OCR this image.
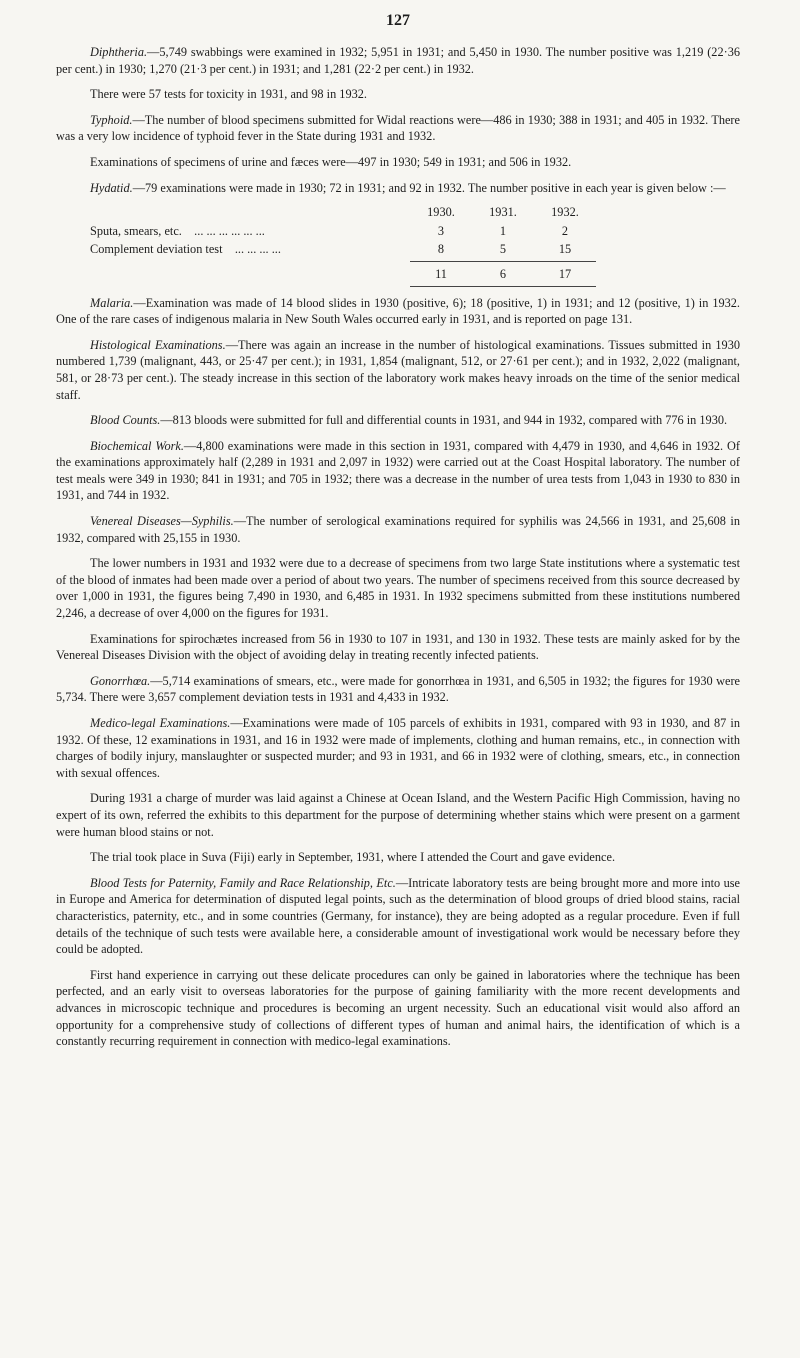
127

Diphtheria.—5,749 swabbings were examined in 1932; 5,951 in 1931; and 5,450 in 1930. The number positive was 1,219 (22·36 per cent.) in 1930; 1,270 (21·3 per cent.) in 1931; and 1,281 (22·2 per cent.) in 1932.

There were 57 tests for toxicity in 1931, and 98 in 1932.

Typhoid.—The number of blood specimens submitted for Widal reactions were—486 in 1930; 388 in 1931; and 405 in 1932. There was a very low incidence of typhoid fever in the State during 1931 and 1932.

Examinations of specimens of urine and fæces were—497 in 1930; 549 in 1931; and 506 in 1932.

Hydatid.—79 examinations were made in 1930; 72 in 1931; and 92 in 1932. The number positive in each year is given below :—

	1930.	1931.	1932.
Sputa, smears, etc. ... ... ... ... ... ...	3	1	2
Complement deviation test ... ... ... ...	8	5	15

	11	6	17

Malaria.—Examination was made of 14 blood slides in 1930 (positive, 6); 18 (positive, 1) in 1931; and 12 (positive, 1) in 1932. One of the rare cases of indigenous malaria in New South Wales occurred early in 1931, and is reported on page 131.

Histological Examinations.—There was again an increase in the number of histological examinations. Tissues submitted in 1930 numbered 1,739 (malignant, 443, or 25·47 per cent.); in 1931, 1,854 (malignant, 512, or 27·61 per cent.); and in 1932, 2,022 (malignant, 581, or 28·73 per cent.). The steady increase in this section of the laboratory work makes heavy inroads on the time of the senior medical staff.

Blood Counts.—813 bloods were submitted for full and differential counts in 1931, and 944 in 1932, compared with 776 in 1930.

Biochemical Work.—4,800 examinations were made in this section in 1931, compared with 4,479 in 1930, and 4,646 in 1932. Of the examinations approximately half (2,289 in 1931 and 2,097 in 1932) were carried out at the Coast Hospital laboratory. The number of test meals were 349 in 1930; 841 in 1931; and 705 in 1932; there was a decrease in the number of urea tests from 1,043 in 1930 to 830 in 1931, and 744 in 1932.

Venereal Diseases—Syphilis.—The number of serological examinations required for syphilis was 24,566 in 1931, and 25,608 in 1932, compared with 25,155 in 1930.

The lower numbers in 1931 and 1932 were due to a decrease of specimens from two large State institutions where a systematic test of the blood of inmates had been made over a period of about two years. The number of specimens received from this source decreased by over 1,000 in 1931, the figures being 7,490 in 1930, and 6,485 in 1931. In 1932 specimens submitted from these institutions numbered 2,246, a decrease of over 4,000 on the figures for 1931.

Examinations for spirochætes increased from 56 in 1930 to 107 in 1931, and 130 in 1932. These tests are mainly asked for by the Venereal Diseases Division with the object of avoiding delay in treating recently infected patients.

Gonorrhœa.—5,714 examinations of smears, etc., were made for gonorrhœa in 1931, and 6,505 in 1932; the figures for 1930 were 5,734. There were 3,657 complement deviation tests in 1931 and 4,433 in 1932.

Medico-legal Examinations.—Examinations were made of 105 parcels of exhibits in 1931, compared with 93 in 1930, and 87 in 1932. Of these, 12 examinations in 1931, and 16 in 1932 were made of implements, clothing and human remains, etc., in connection with charges of bodily injury, manslaughter or suspected murder; and 93 in 1931, and 66 in 1932 were of clothing, smears, etc., in connection with sexual offences.

During 1931 a charge of murder was laid against a Chinese at Ocean Island, and the Western Pacific High Commission, having no expert of its own, referred the exhibits to this department for the purpose of determining whether stains which were present on a garment were human blood stains or not.

The trial took place in Suva (Fiji) early in September, 1931, where I attended the Court and gave evidence.

Blood Tests for Paternity, Family and Race Relationship, Etc.—Intricate laboratory tests are being brought more and more into use in Europe and America for determination of disputed legal points, such as the determination of blood groups of dried blood stains, racial characteristics, paternity, etc., and in some countries (Germany, for instance), they are being adopted as a regular procedure. Even if full details of the technique of such tests were available here, a considerable amount of investigational work would be necessary before they could be adopted.

First hand experience in carrying out these delicate procedures can only be gained in laboratories where the technique has been perfected, and an early visit to overseas laboratories for the purpose of gaining familiarity with the more recent developments and advances in microscopic technique and procedures is becoming an urgent necessity. Such an educational visit would also afford an opportunity for a comprehensive study of collections of different types of human and animal hairs, the identification of which is a constantly recurring requirement in connection with medico-legal examinations.
